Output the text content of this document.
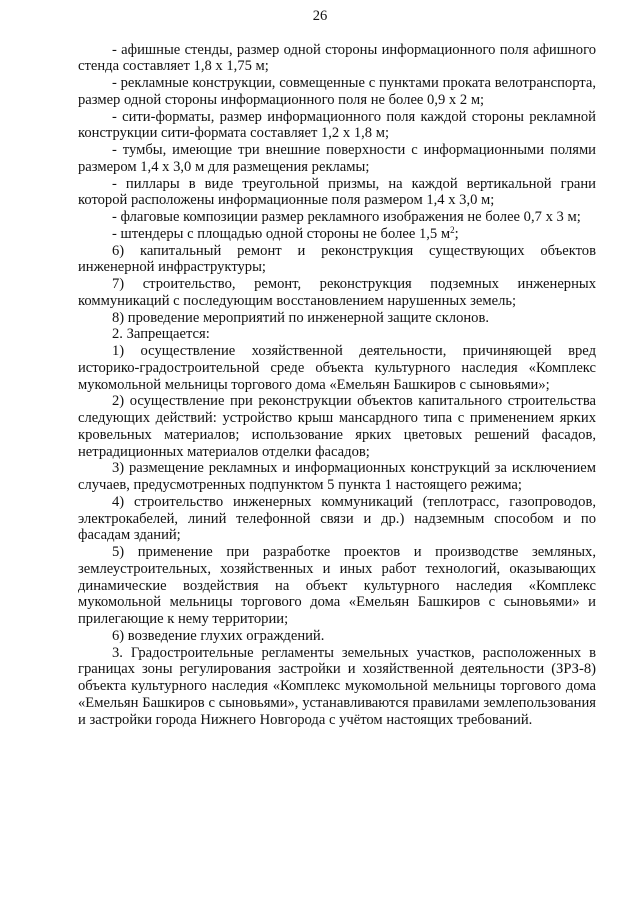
26

- афишные стенды, размер одной стороны информационного поля афишного стенда составляет 1,8 х 1,75 м;

- рекламные конструкции, совмещенные с пунктами проката велотранспорта, размер одной стороны информационного поля не более 0,9 х 2 м;

- сити-форматы, размер информационного поля каждой стороны рекламной конструкции сити-формата составляет 1,2 х 1,8 м;

- тумбы, имеющие три внешние поверхности с информационными полями размером 1,4 х 3,0 м для размещения рекламы;

- пиллары в виде треугольной призмы, на каждой вертикальной грани которой расположены информационные поля размером 1,4 х 3,0 м;

- флаговые композиции размер рекламного изображения не более 0,7 х 3 м;

- штендеры с площадью одной стороны не более 1,5 $м^2$;

6) капитальный ремонт и реконструкция существующих объектов инженерной инфраструктуры;

7) строительство, ремонт, реконструкция подземных инженерных коммуникаций с последующим восстановлением нарушенных земель;

8) проведение мероприятий по инженерной защите склонов.

2. Запрещается:

1) осуществление хозяйственной деятельности, причиняющей вред историко-градостроительной среде объекта культурного наследия «Комплекс мукомольной мельницы торгового дома «Емельян Башкиров с сыновьями»;

2) осуществление при реконструкции объектов капитального строительства следующих действий: устройство крыш мансардного типа с применением ярких кровельных материалов; использование ярких цветовых решений фасадов, нетрадиционных материалов отделки фасадов;

3) размещение рекламных и информационных конструкций за исключением случаев, предусмотренных подпунктом 5 пункта 1 настоящего режима;

4) строительство инженерных коммуникаций (теплотрасс, газопроводов, электрокабелей, линий телефонной связи и др.) надземным способом и по фасадам зданий;

5) применение при разработке проектов и производстве земляных, землеустроительных, хозяйственных и иных работ технологий, оказывающих динамические воздействия на объект культурного наследия «Комплекс мукомольной мельницы торгового дома «Емельян Башкиров с сыновьями» и прилегающие к нему территории;

6) возведение глухих ограждений.

3. Градостроительные регламенты земельных участков, расположенных в границах зоны регулирования застройки и хозяйственной деятельности (ЗРЗ-8) объекта культурного наследия «Комплекс мукомольной мельницы торгового дома «Емельян Башкиров с сыновьями», устанавливаются правилами землепользования и застройки города Нижнего Новгорода с учётом настоящих требований.
